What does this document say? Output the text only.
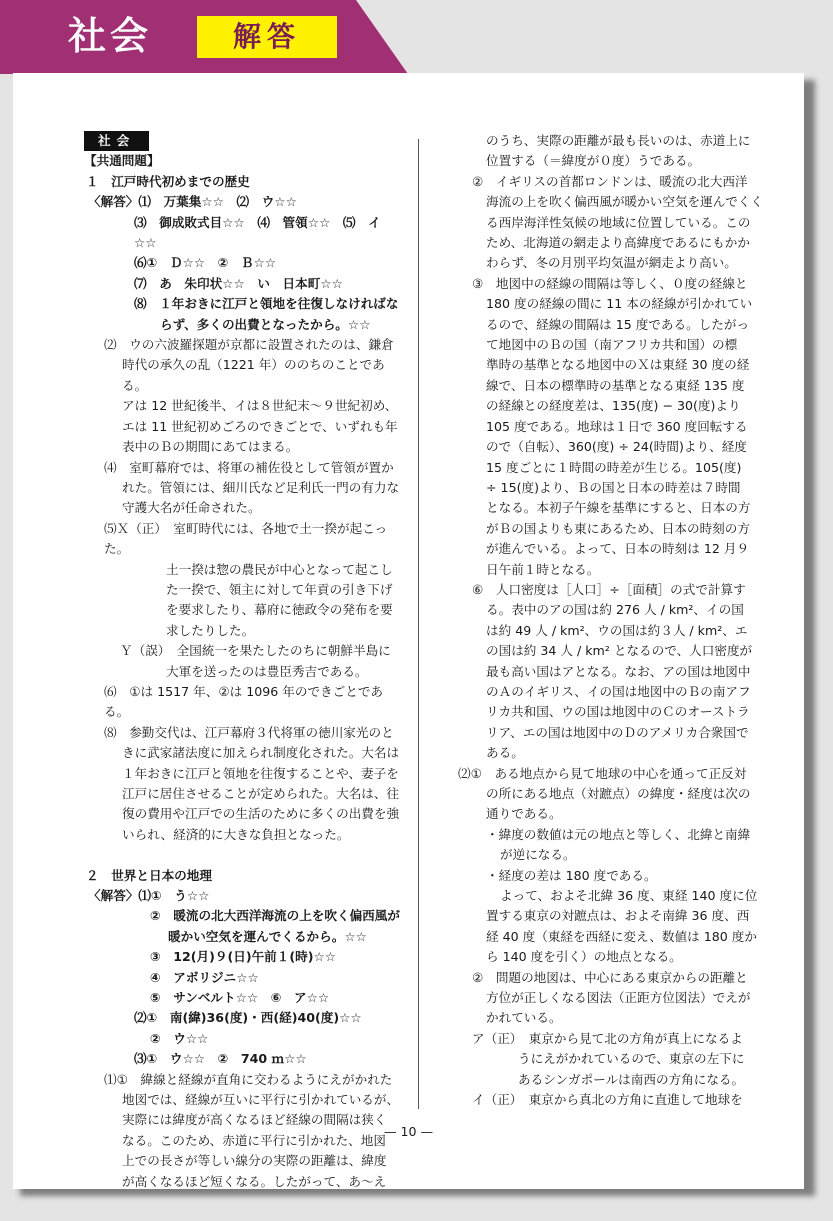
社会	解答
社会
【共通問題】
１　江戸時代初めまでの歴史
〈解答〉⑴　万葉集☆☆　⑵　ウ☆☆
⑶　御成敗式目☆☆　⑷　管領☆☆　⑸　イ☆☆
⑹①　Ｄ☆☆　②　Ｂ☆☆
⑺　あ　朱印状☆☆　い　日本町☆☆
⑻　１年おきに江戸と領地を往復しなければな
らず、多くの出費となったから。☆☆
⑵　ウの六波羅探題が京都に設置されたのは、鎌倉
時代の承久の乱（1221 年）ののちのことである。
アは 12 世紀後半、イは８世紀末～９世紀初め、
エは 11 世紀初めごろのできごとで、いずれも年
表中のＢの期間にあてはまる。
⑷　室町幕府では、将軍の補佐役として管領が置か
れた。管領には、細川氏など足利氏一門の有力な
守護大名が任命された。
⑸Ｘ（正）　室町時代には、各地で土一揆が起こった。
土一揆は惣の農民が中心となって起こし
た一揆で、領主に対して年貢の引き下げ
を要求したり、幕府に徳政令の発布を要
求したりした。
Ｙ（誤）　全国統一を果たしたのちに朝鮮半島に
大軍を送ったのは豊臣秀吉である。
⑹　①は 1517 年、②は 1096 年のできごとである。
⑻　参勤交代は、江戸幕府３代将軍の徳川家光のと
きに武家諸法度に加えられ制度化された。大名は
１年おきに江戸と領地を往復することや、妻子を
江戸に居住させることが定められた。大名は、往
復の費用や江戸での生活のために多くの出費を強
いられ、経済的に大きな負担となった。
２　世界と日本の地理
〈解答〉⑴①　う☆☆
②　暖流の北大西洋海流の上を吹く偏西風が
暖かい空気を運んでくるから。☆☆
③　12(月)９(日)午前１(時)☆☆
④　アボリジニ☆☆
⑤　サンベルト☆☆　⑥　ア☆☆
⑵①　南(緯)36(度)・西(経)40(度)☆☆
②　ウ☆☆
⑶①　ウ☆☆　②　740 ｍ☆☆
⑴①　緯線と経線が直角に交わるようにえがかれた
地図では、経線が互いに平行に引かれているが、
実際には緯度が高くなるほど経線の間隔は狭く
なる。このため、赤道に平行に引かれた、地図
上での長さが等しい線分の実際の距離は、緯度
が高くなるほど短くなる。したがって、あ～え
のうち、実際の距離が最も長いのは、赤道上に
位置する（＝緯度が０度）うである。
②　イギリスの首都ロンドンは、暖流の北大西洋
海流の上を吹く偏西風が暖かい空気を運んでくく
る西岸海洋性気候の地域に位置している。この
ため、北海道の網走より高緯度であるにもかか
わらず、冬の月別平均気温が網走より高い。
③　地図中の経線の間隔は等しく、０度の経線と
180 度の経線の間に 11 本の経線が引かれてい
るので、経線の間隔は 15 度である。したがっ
て地図中のＢの国（南アフリカ共和国）の標
準時の基準となる地図中のＸは東経 30 度の経
線で、日本の標準時の基準となる東経 135 度
の経線との経度差は、135(度) − 30(度)より
105 度である。地球は１日で 360 度回転する
ので（自転）、360(度) ÷ 24(時間)より、経度
15 度ごとに１時間の時差が生じる。105(度)
÷ 15(度)より、Ｂの国と日本の時差は７時間
となる。本初子午線を基準にすると、日本の方
がＢの国よりも東にあるため、日本の時刻の方
が進んでいる。よって、日本の時刻は 12 月９
日午前１時となる。
⑥　人口密度は［人口］÷［面積］の式で計算す
る。表中のアの国は約 276 人 / km²、イの国
は約 49 人 / km²、ウの国は約３人 / km²、エ
の国は約 34 人 / km² となるので、人口密度が
最も高い国はアとなる。なお、アの国は地図中
のＡのイギリス、イの国は地図中のＢの南アフ
リカ共和国、ウの国は地図中のＣのオーストラ
リア、エの国は地図中のＤのアメリカ合衆国で
ある。
⑵①　ある地点から見て地球の中心を通って正反対
の所にある地点（対蹠点）の緯度・経度は次の
通りである。
・緯度の数値は元の地点と等しく、北緯と南緯
が逆になる。
・経度の差は 180 度である。
よって、およそ北緯 36 度、東経 140 度に位
置する東京の対蹠点は、およそ南緯 36 度、西
経 40 度（東経を西経に変え、数値は 180 度か
ら 140 度を引く）の地点となる。
②　問題の地図は、中心にある東京からの距離と
方位が正しくなる図法（正距方位図法）でえが
かれている。
ア（正）　東京から見て北の方角が真上になるよ
うにえがかれているので、東京の左下に
あるシンガポールは南西の方角になる。
イ（正）　東京から真北の方角に直進して地球を
— 10 —
